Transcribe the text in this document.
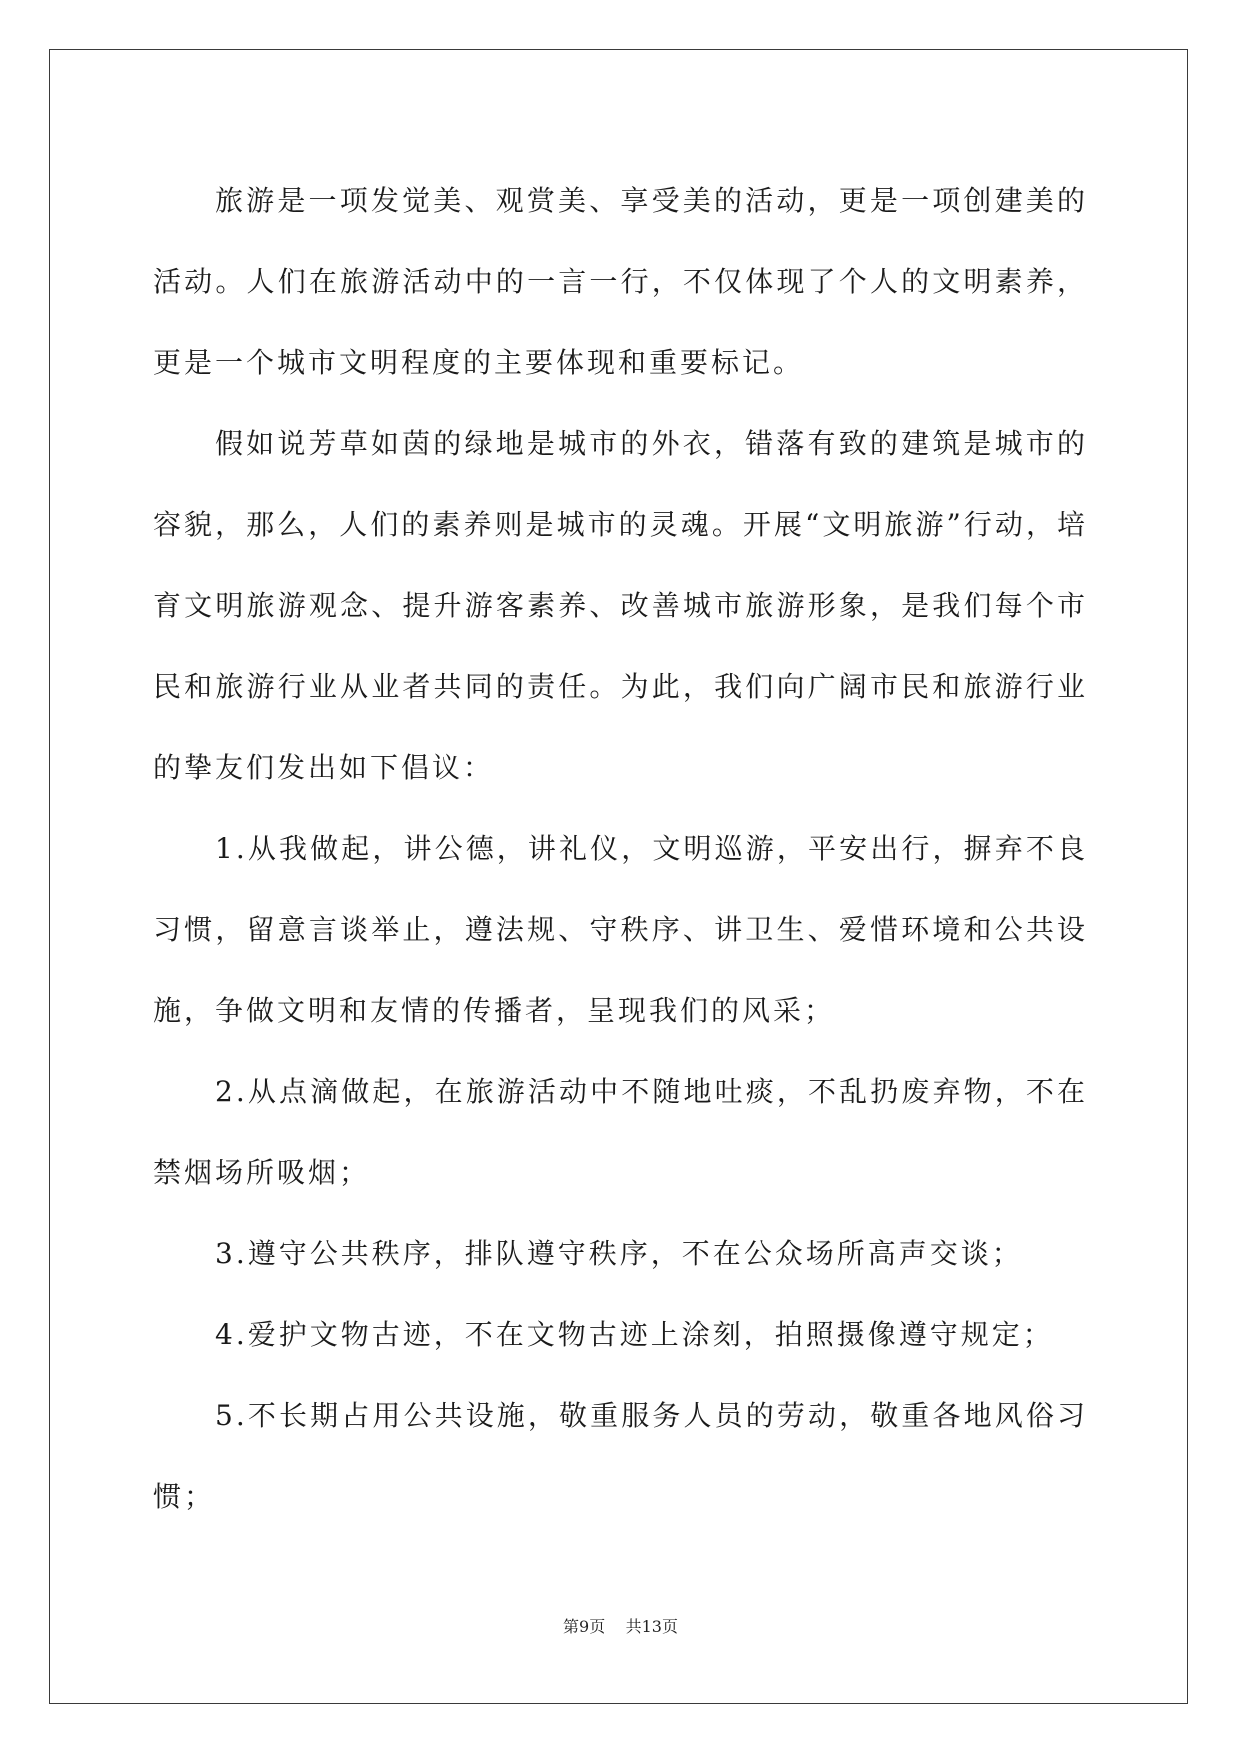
旅游是一项发觉美、观赏美、享受美的活动，更是一项创建美的活动。人们在旅游活动中的一言一行，不仅体现了个人的文明素养，更是一个城市文明程度的主要体现和重要标记。

假如说芳草如茵的绿地是城市的外衣，错落有致的建筑是城市的容貌，那么，人们的素养则是城市的灵魂。开展“文明旅游”行动，培育文明旅游观念、提升游客素养、改善城市旅游形象，是我们每个市民和旅游行业从业者共同的责任。为此，我们向广阔市民和旅游行业的挚友们发出如下倡议：

1.从我做起，讲公德，讲礼仪，文明巡游，平安出行，摒弃不良习惯，留意言谈举止，遵法规、守秩序、讲卫生、爱惜环境和公共设施，争做文明和友情的传播者，呈现我们的风采；

2.从点滴做起，在旅游活动中不随地吐痰，不乱扔废弃物，不在禁烟场所吸烟；

3.遵守公共秩序，排队遵守秩序，不在公众场所高声交谈；

4.爱护文物古迹，不在文物古迹上涂刻，拍照摄像遵守规定；

5.不长期占用公共设施，敬重服务人员的劳动，敬重各地风俗习惯；

第9页 共13页
